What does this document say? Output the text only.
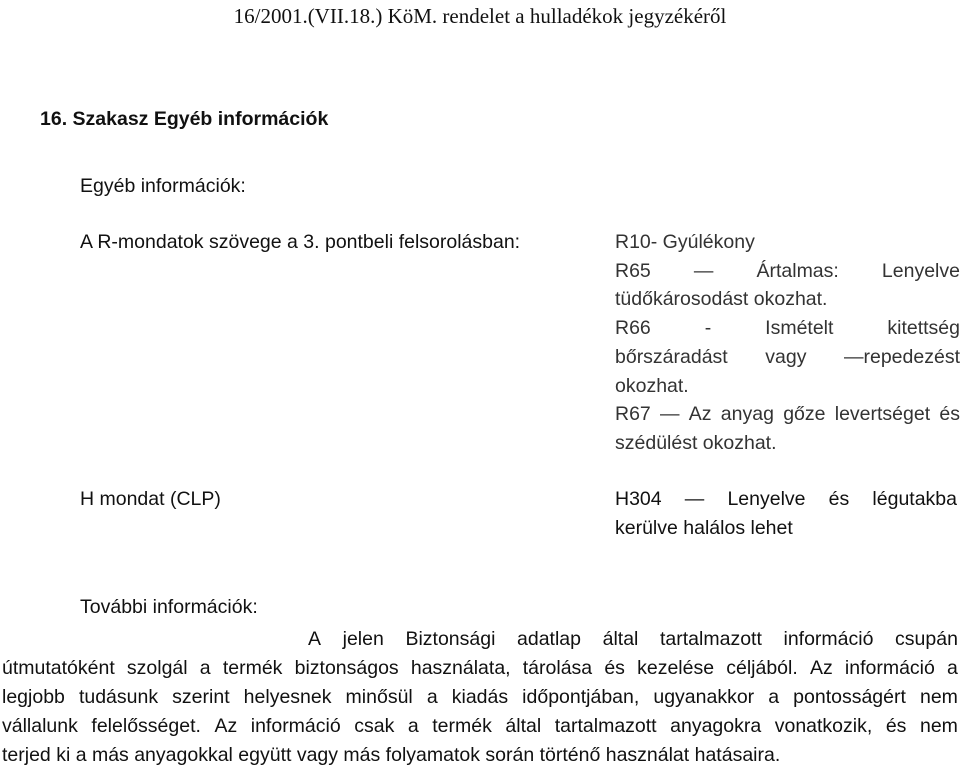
16/2001.(VII.18.) KöM. rendelet a hulladékok jegyzékéről
16. Szakasz Egyéb információk
Egyéb információk:
A R-mondatok szövege a 3. pontbeli felsorolásban:	R10- Gyúlékony
R65 — Ártalmas: Lenyelve
tüdőkárosodást okozhat.
R66	-	Ismételt	kitettség
bőrszáradást vagy —repedezést
okozhat.
R67 — Az anyag gőze levertséget és
szédülést okozhat.
H mondat (CLP)	H304 — Lenyelve és légutakba
kerülve halálos lehet
További információk:
A jelen Biztonsági adatlap által tartalmazott információ csupán
útmutatóként szolgál a termék biztonságos használata, tárolása és kezelése céljából. Az információ a
legjobb tudásunk szerint helyesnek minősül a kiadás időpontjában, ugyanakkor a pontosságért nem
vállalunk felelősséget. Az információ csak a termék által tartalmazott anyagokra vonatkozik, és nem
terjed ki a más anyagokkal együtt vagy más folyamatok során történő használat hatásaira.
